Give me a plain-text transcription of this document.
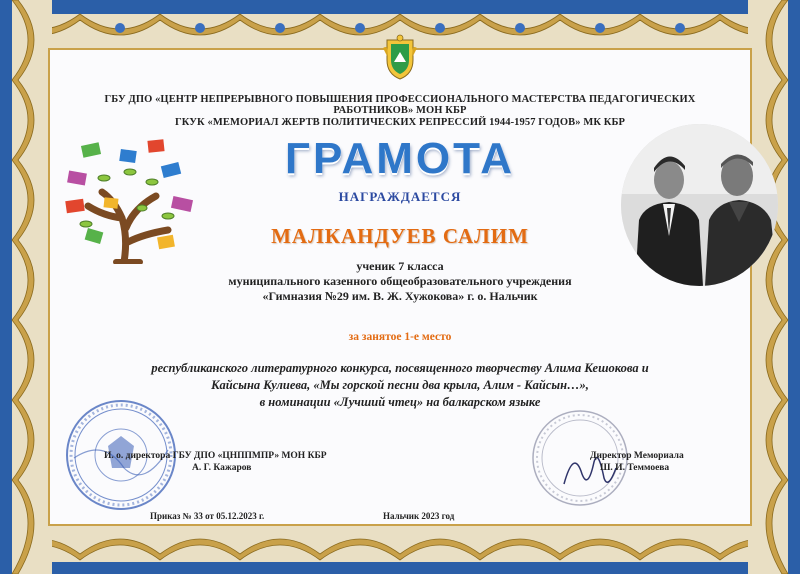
ГБУ ДПО «ЦЕНТР НЕПРЕРЫВНОГО ПОВЫШЕНИЯ ПРОФЕССИОНАЛЬНОГО МАСТЕРСТВА ПЕДАГОГИЧЕСКИХ
РАБОТНИКОВ» МОН КБР
ГКУК «МЕМОРИАЛ ЖЕРТВ ПОЛИТИЧЕСКИХ РЕПРЕССИЙ 1944-1957 ГОДОВ» МК КБР
ГРАМОТА
НАГРАЖДАЕТСЯ
МАЛКАНДУЕВ САЛИМ
ученик 7 класса
муниципального казенного общеобразовательного учреждения
«Гимназия №29 им. В. Ж. Хужокова» г. о. Нальчик
за занятое 1-е место
республиканского литературного конкурса, посвященного творчеству Алима Кешокова и
Кайсына Кулиева, «Мы горской песни два крыла, Алим - Кайсын…»,
в номинации «Лучший чтец» на балкарском языке
И. о. директора ГБУ ДПО «ЦНППМПР» МОН КБР
А. Г. Кажаров
Директор Мемориала
Ш. И. Теммоева
Приказ № 33 от 05.12.2023 г.	Нальчик 2023 год
